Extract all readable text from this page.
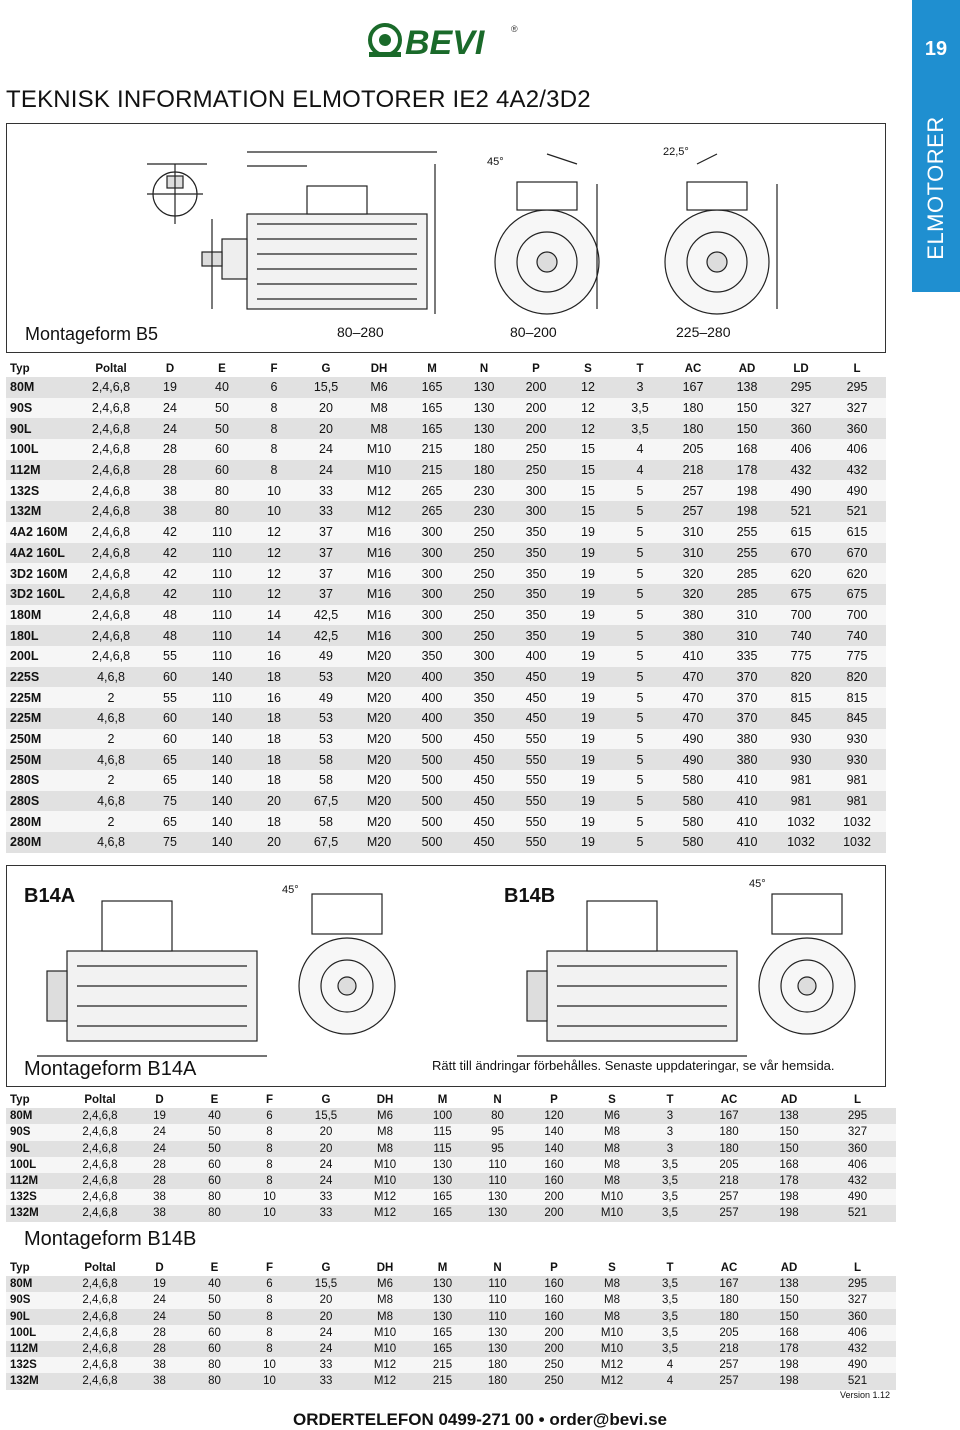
BEVI	®
19
ELMOTORER
TEKNISK INFORMATION ELMOTORER IE2 4A2/3D2
Montageform B5	80–280	80–200	225–280
45°
22,5°
Typ	Poltal	D	E	F	G	DH	M	N	P	S	T	AC	AD	LD	L
80M	2,4,6,8	19	40	6	15,5	M6	165	130	200	12	3	167	138	295	295
90S	2,4,6,8	24	50	8	20	M8	165	130	200	12	3,5	180	150	327	327
90L	2,4,6,8	24	50	8	20	M8	165	130	200	12	3,5	180	150	360	360
100L	2,4,6,8	28	60	8	24	M10	215	180	250	15	4	205	168	406	406
112M	2,4,6,8	28	60	8	24	M10	215	180	250	15	4	218	178	432	432
132S	2,4,6,8	38	80	10	33	M12	265	230	300	15	5	257	198	490	490
132M	2,4,6,8	38	80	10	33	M12	265	230	300	15	5	257	198	521	521
4A2 160M	2,4,6,8	42	110	12	37	M16	300	250	350	19	5	310	255	615	615
4A2 160L	2,4,6,8	42	110	12	37	M16	300	250	350	19	5	310	255	670	670
3D2 160M	2,4,6,8	42	110	12	37	M16	300	250	350	19	5	320	285	620	620
3D2 160L	2,4,6,8	42	110	12	37	M16	300	250	350	19	5	320	285	675	675
180M	2,4,6,8	48	110	14	42,5	M16	300	250	350	19	5	380	310	700	700
180L	2,4,6,8	48	110	14	42,5	M16	300	250	350	19	5	380	310	740	740
200L	2,4,6,8	55	110	16	49	M20	350	300	400	19	5	410	335	775	775
225S	4,6,8	60	140	18	53	M20	400	350	450	19	5	470	370	820	820
225M	2	55	110	16	49	M20	400	350	450	19	5	470	370	815	815
225M	4,6,8	60	140	18	53	M20	400	350	450	19	5	470	370	845	845
250M	2	60	140	18	53	M20	500	450	550	19	5	490	380	930	930
250M	4,6,8	65	140	18	58	M20	500	450	550	19	5	490	380	930	930
280S	2	65	140	18	58	M20	500	450	550	19	5	580	410	981	981
280S	4,6,8	75	140	20	67,5	M20	500	450	550	19	5	580	410	981	981
280M	2	65	140	18	58	M20	500	450	550	19	5	580	410	1032	1032
280M	4,6,8	75	140	20	67,5	M20	500	450	550	19	5	580	410	1032	1032
45°	45°
B14A	B14B
Montageform B14A	Rätt till ändringar förbehålles. Senaste uppdateringar, se vår hemsida.
Typ	Poltal	D	E	F	G	DH	M	N	P	S	T	AC	AD	L
80M	2,4,6,8	19	40	6	15,5	M6	100	80	120	M6	3	167	138	295
90S	2,4,6,8	24	50	8	20	M8	115	95	140	M8	3	180	150	327
90L	2,4,6,8	24	50	8	20	M8	115	95	140	M8	3	180	150	360
100L	2,4,6,8	28	60	8	24	M10	130	110	160	M8	3,5	205	168	406
112M	2,4,6,8	28	60	8	24	M10	130	110	160	M8	3,5	218	178	432
132S	2,4,6,8	38	80	10	33	M12	165	130	200	M10	3,5	257	198	490
132M	2,4,6,8	38	80	10	33	M12	165	130	200	M10	3,5	257	198	521
Montageform B14B
Typ	Poltal	D	E	F	G	DH	M	N	P	S	T	AC	AD	L
80M	2,4,6,8	19	40	6	15,5	M6	130	110	160	M8	3,5	167	138	295
90S	2,4,6,8	24	50	8	20	M8	130	110	160	M8	3,5	180	150	327
90L	2,4,6,8	24	50	8	20	M8	130	110	160	M8	3,5	180	150	360
100L	2,4,6,8	28	60	8	24	M10	165	130	200	M10	3,5	205	168	406
112M	2,4,6,8	28	60	8	24	M10	165	130	200	M10	3,5	218	178	432
132S	2,4,6,8	38	80	10	33	M12	215	180	250	M12	4	257	198	490
132M	2,4,6,8	38	80	10	33	M12	215	180	250	M12	4	257	198	521
Version 1.12
ORDERTELEFON 0499-271 00 • order@bevi.se
